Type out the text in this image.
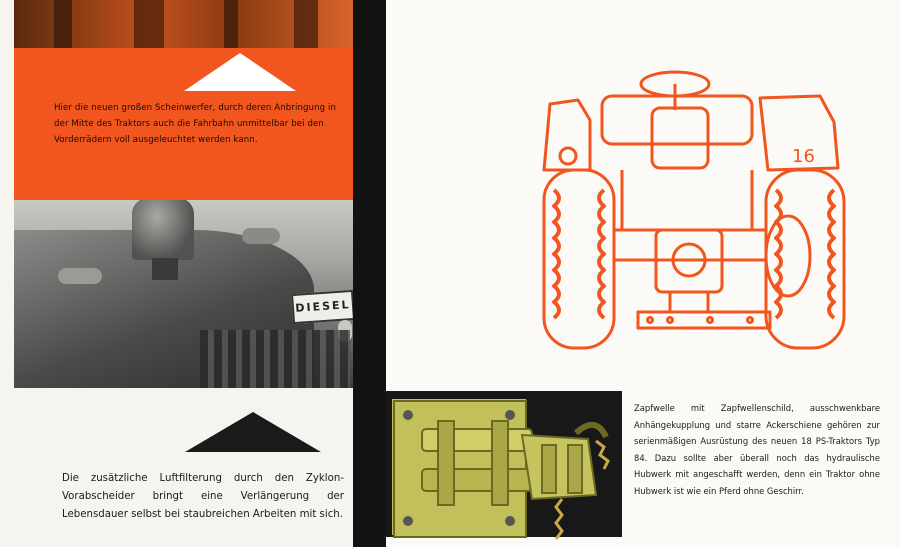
Hier die neuen großen Scheinwerfer, durch deren Anbringung in der Mitte des Traktors auch die Fahrbahn unmittelbar bei den Vorderrädern voll ausgeleuchtet werden kann.

DIESEL

Die zusätzliche Luftfilterung durch den Zyklon-Vorabscheider bringt eine Verlängerung der Lebensdauer selbst bei staubreichen Arbeiten mit sich.

16

Zapfwelle mit Zapfwellenschild, ausschwenkbare Anhängekupplung und starre Ackerschiene gehören zur serienmäßigen Ausrüstung des neuen 18 PS-Traktors Typ 84. Dazu sollte aber überall noch das hydraulische Hubwerk mit angeschafft werden, denn ein Traktor ohne Hubwerk ist wie ein Pferd ohne Geschirr.
